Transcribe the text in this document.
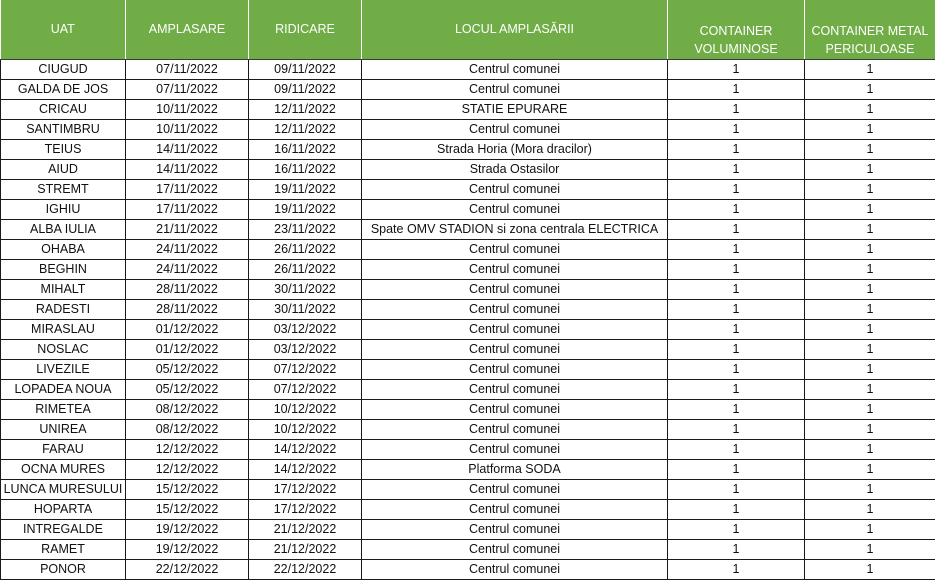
UAT	AMPLASARE	RIDICARE	LOCUL AMPLASĂRII	CONTAINER VOLUMINOSE	CONTAINER METAL PERICULOASE
CIUGUD	07/11/2022	09/11/2022	Centrul comunei	1	1
GALDA DE JOS	07/11/2022	09/11/2022	Centrul comunei	1	1
CRICAU	10/11/2022	12/11/2022	STATIE EPURARE	1	1
SANTIMBRU	10/11/2022	12/11/2022	Centrul comunei	1	1
TEIUS	14/11/2022	16/11/2022	Strada Horia (Mora dracilor)	1	1
AIUD	14/11/2022	16/11/2022	Strada Ostasilor	1	1
STREMT	17/11/2022	19/11/2022	Centrul comunei	1	1
IGHIU	17/11/2022	19/11/2022	Centrul comunei	1	1
ALBA IULIA	21/11/2022	23/11/2022	Spate OMV STADION si zona centrala ELECTRICA	1	1
OHABA	24/11/2022	26/11/2022	Centrul comunei	1	1
BEGHIN	24/11/2022	26/11/2022	Centrul comunei	1	1
MIHALT	28/11/2022	30/11/2022	Centrul comunei	1	1
RADESTI	28/11/2022	30/11/2022	Centrul comunei	1	1
MIRASLAU	01/12/2022	03/12/2022	Centrul comunei	1	1
NOSLAC	01/12/2022	03/12/2022	Centrul comunei	1	1
LIVEZILE	05/12/2022	07/12/2022	Centrul comunei	1	1
LOPADEA NOUA	05/12/2022	07/12/2022	Centrul comunei	1	1
RIMETEA	08/12/2022	10/12/2022	Centrul comunei	1	1
UNIREA	08/12/2022	10/12/2022	Centrul comunei	1	1
FARAU	12/12/2022	14/12/2022	Centrul comunei	1	1
OCNA MURES	12/12/2022	14/12/2022	Platforma SODA	1	1
LUNCA MURESULUI	15/12/2022	17/12/2022	Centrul comunei	1	1
HOPARTA	15/12/2022	17/12/2022	Centrul comunei	1	1
INTREGALDE	19/12/2022	21/12/2022	Centrul comunei	1	1
RAMET	19/12/2022	21/12/2022	Centrul comunei	1	1
PONOR	22/12/2022	22/12/2022	Centrul comunei	1	1
